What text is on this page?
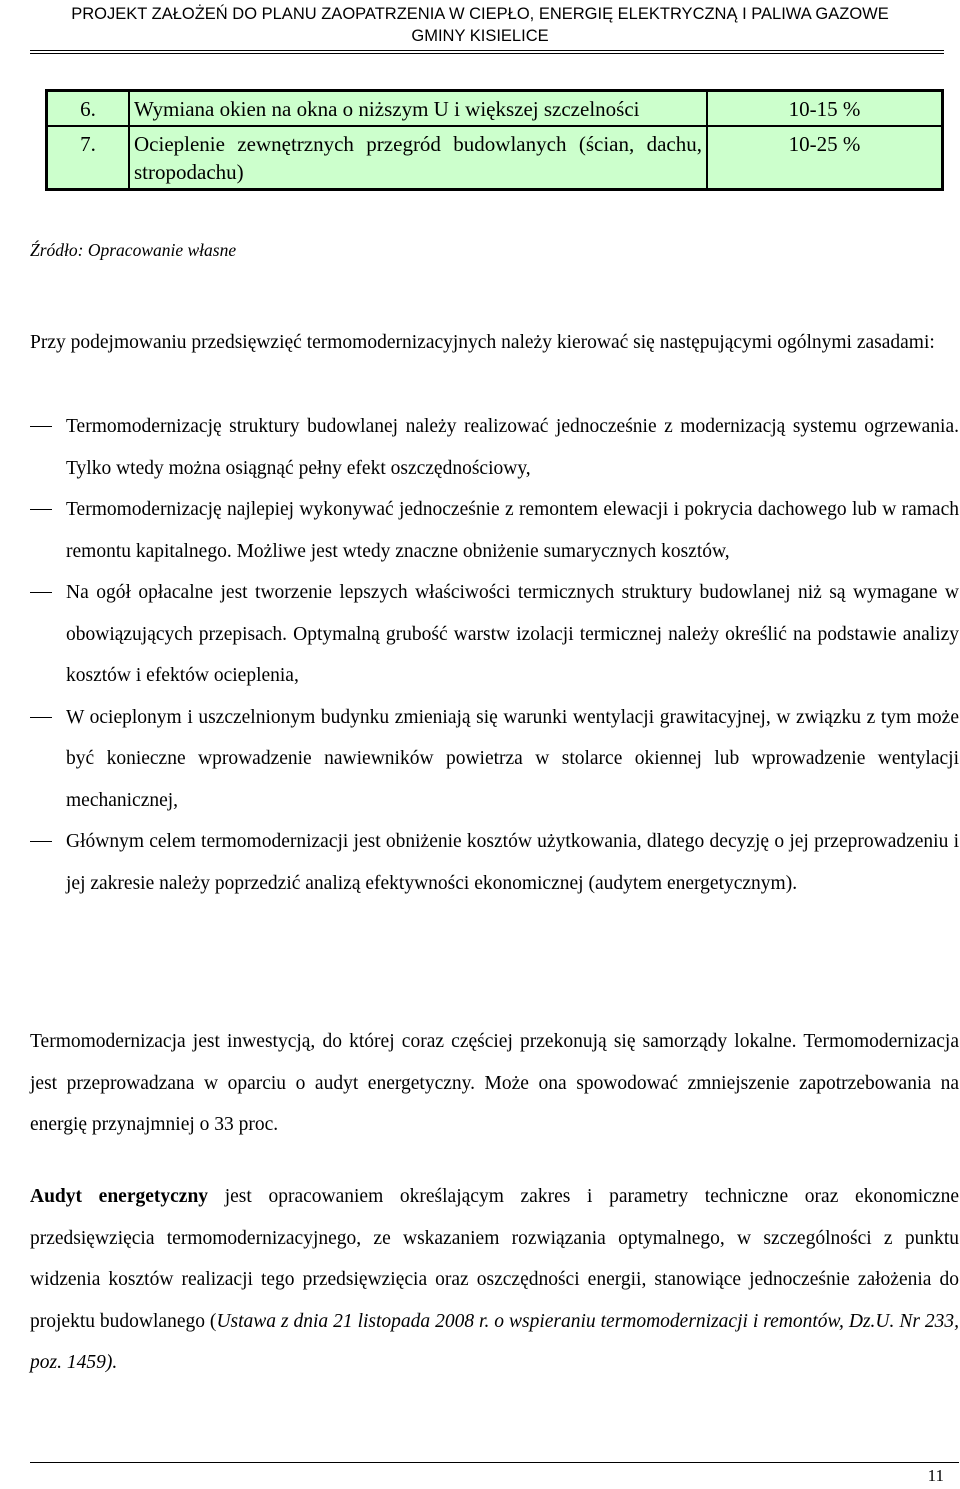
PROJEKT ZAŁOŻEŃ DO PLANU ZAOPATRZENIA W CIEPŁO, ENERGIĘ ELEKTRYCZNĄ I PALIWA GAZOWE
GMINY KISIELICE
6.	Wymiana okien na okna o niższym U i większej szczelności	10-15 %
7.	Ocieplenie zewnętrznych przegród budowlanych (ścian, dachu, stropodachu)	10-25 %
Źródło: Opracowanie własne
Przy podejmowaniu przedsięwzięć termomodernizacyjnych należy kierować się następującymi ogólnymi zasadami:
Termomodernizację struktury budowlanej należy realizować jednocześnie z modernizacją systemu ogrzewania. Tylko wtedy można osiągnąć pełny efekt oszczędnościowy,
Termomodernizację najlepiej wykonywać jednocześnie z remontem elewacji i pokrycia dachowego lub w ramach remontu kapitalnego. Możliwe jest wtedy znaczne obniżenie sumarycznych kosztów,
Na ogół opłacalne jest tworzenie lepszych właściwości termicznych struktury budowlanej niż są wymagane w obowiązujących przepisach. Optymalną grubość warstw izolacji termicznej należy określić na podstawie analizy kosztów i efektów ocieplenia,
W ocieplonym i uszczelnionym budynku zmieniają się warunki wentylacji grawitacyjnej, w związku z tym może być konieczne wprowadzenie nawiewników powietrza w stolarce okiennej lub wprowadzenie wentylacji mechanicznej,
Głównym celem termomodernizacji jest obniżenie kosztów użytkowania, dlatego decyzję o jej przeprowadzeniu i jej zakresie należy poprzedzić analizą efektywności ekonomicznej (audytem energetycznym).
Termomodernizacja jest inwestycją, do której coraz częściej przekonują się samorządy lokalne. Termomodernizacja jest przeprowadzana w oparciu o audyt energetyczny. Może ona spowodować zmniejszenie zapotrzebowania na energię przynajmniej o 33 proc.
Audyt energetyczny jest opracowaniem określającym zakres i parametry techniczne oraz ekonomiczne przedsięwzięcia termomodernizacyjnego, ze wskazaniem rozwiązania optymalnego, w szczególności z punktu widzenia kosztów realizacji tego przedsięwzięcia oraz oszczędności energii, stanowiące jednocześnie założenia do projektu budowlanego (Ustawa z dnia 21 listopada 2008 r. o wspieraniu termomodernizacji i remontów, Dz.U. Nr 233, poz. 1459).
11
